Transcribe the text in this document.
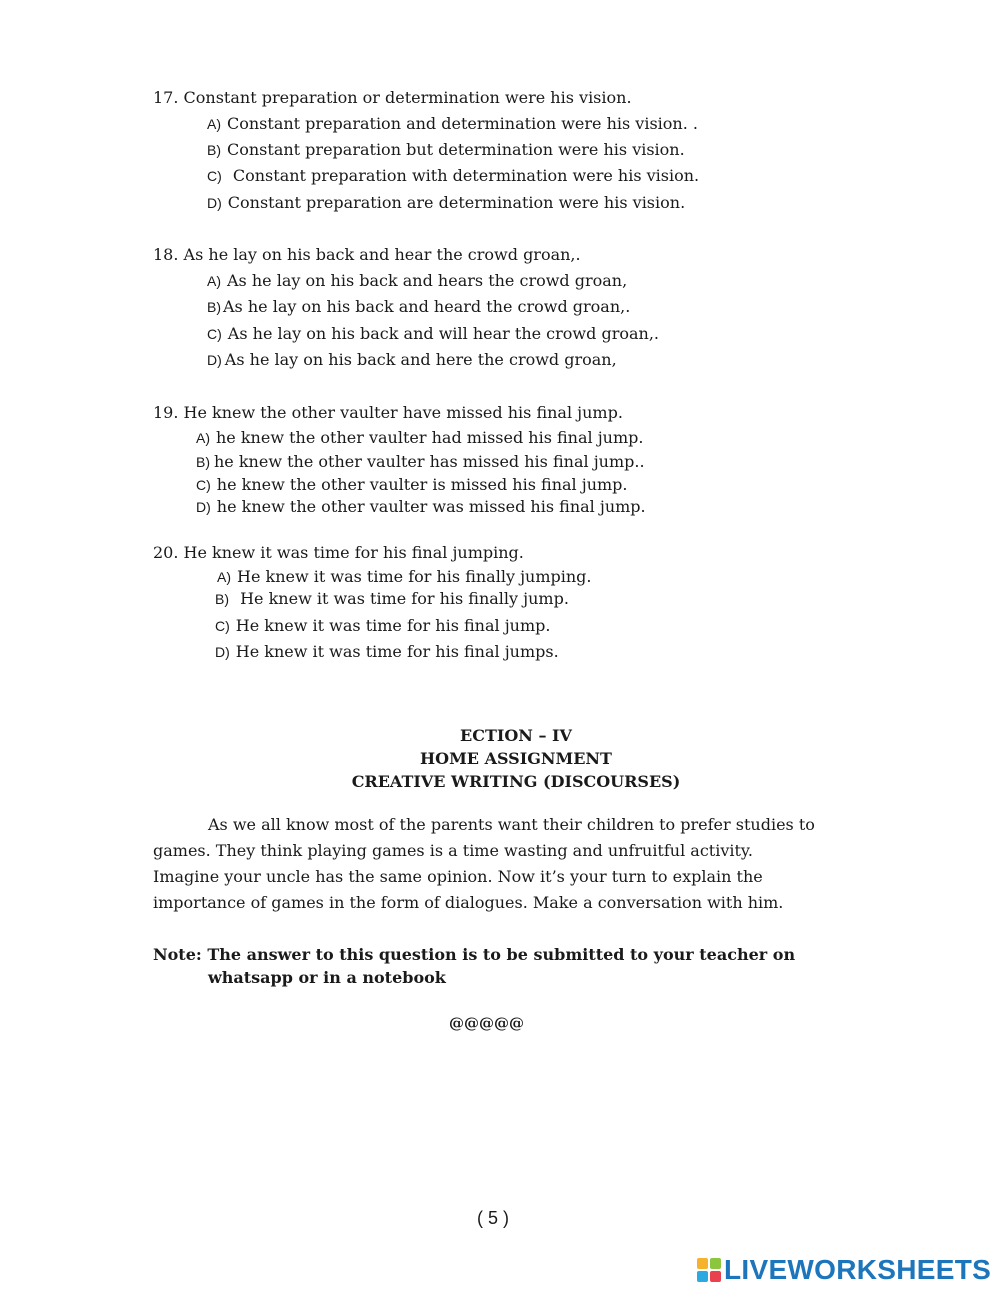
17. Constant preparation or determination were his vision.
A) Constant preparation and determination were his vision. .
B) Constant preparation but determination were his vision.
C) Constant preparation with determination were his vision.
D) Constant preparation are determination were his vision.
18. As he lay on his back and hear the crowd groan,.
A) As he lay on his back and hears the crowd groan,
B) As he lay on his back and heard the crowd groan,.
C) As he lay on his back and will hear the crowd groan,.
D) As he lay on his back and here the crowd groan,
19. He knew the other vaulter have missed his final jump.
A) he knew the other vaulter had missed his final jump.
B) he knew the other vaulter has missed his final jump..
C) he knew the other vaulter is missed his final jump.
D) he knew the other vaulter was missed his final jump.
20. He knew it was time for his final jumping.
A) He knew it was time for his finally jumping.
B) He knew it was time for his finally jump.
C) He knew it was time for his final jump.
D) He knew it was time for his final jumps.
ECTION – IV
HOME ASSIGNMENT
CREATIVE WRITING (DISCOURSES)
As we all know most of the parents want their children to prefer studies to
games. They think playing games is a time wasting and unfruitful activity.
Imagine your uncle has the same opinion. Now it’s your turn to explain the
importance of games in the form of dialogues. Make a conversation with him.
Note: The answer to this question is to be submitted to your teacher on
whatsapp or in a notebook
@@@@@
( 5 )
LIVEWORKSHEETS
